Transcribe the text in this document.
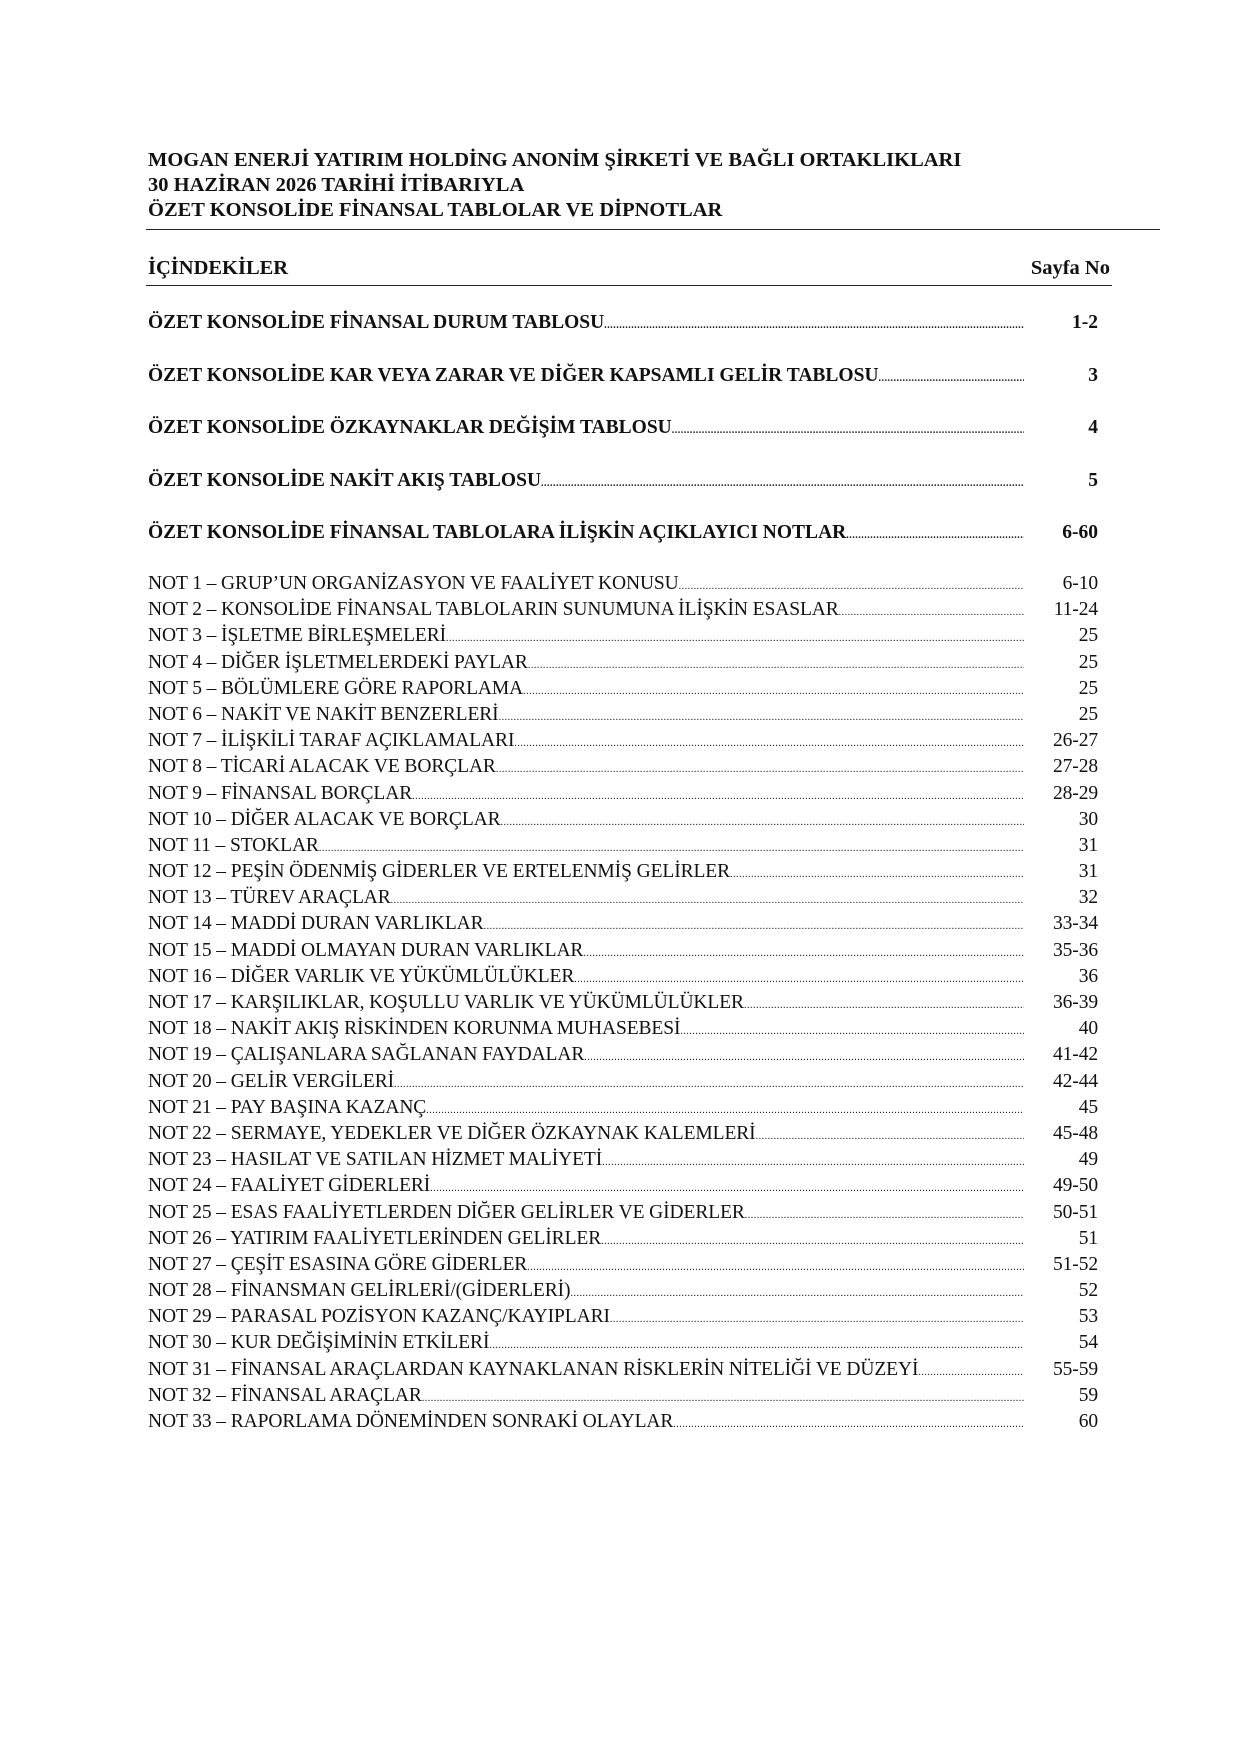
MOGAN ENERJİ YATIRIM HOLDİNG ANONİM ŞİRKETİ VE BAĞLI ORTAKLIKLARI
30 HAZİRAN 2026 TARİHİ İTİBARIYLA
ÖZET KONSOLİDE FİNANSAL TABLOLAR VE DİPNOTLAR
İÇİNDEKİLER	Sayfa No
ÖZET KONSOLİDE FİNANSAL DURUM TABLOSU .....	1-2
ÖZET KONSOLİDE KAR VEYA ZARAR VE DİĞER KAPSAMLI GELİR TABLOSU .....	3
ÖZET KONSOLİDE ÖZKAYNAKLAR DEĞİŞİM TABLOSU .....	4
ÖZET KONSOLİDE NAKİT AKIŞ TABLOSU .....	5
ÖZET KONSOLİDE FİNANSAL TABLOLARA İLİŞKİN AÇIKLAYICI NOTLAR .....	6-60
NOT 1 – GRUP’UN ORGANİZASYON VE FAALİYET KONUSU .....	6-10
NOT 2 – KONSOLİDE FİNANSAL TABLOLARIN SUNUMUNA İLİŞKİN ESASLAR .....	11-24
NOT 3 – İŞLETME BİRLEŞMELERİ .....	25
NOT 4 – DİĞER İŞLETMELERDEKİ PAYLAR .....	25
NOT 5 – BÖLÜMLERE GÖRE RAPORLAMA .....	25
NOT 6 – NAKİT VE NAKİT BENZERLERİ .....	25
NOT 7 – İLİŞKİLİ TARAF AÇIKLAMALARI .....	26-27
NOT 8 – TİCARİ ALACAK VE BORÇLAR .....	27-28
NOT 9 – FİNANSAL BORÇLAR .....	28-29
NOT 10 – DİĞER ALACAK VE BORÇLAR .....	30
NOT 11 – STOKLAR .....	31
NOT 12 – PEŞİN ÖDENMİŞ GİDERLER VE ERTELENMİŞ GELİRLER .....	31
NOT 13 – TÜREV ARAÇLAR .....	32
NOT 14 – MADDİ DURAN VARLIKLAR .....	33-34
NOT 15 – MADDİ OLMAYAN DURAN VARLIKLAR .....	35-36
NOT 16 – DİĞER VARLIK VE YÜKÜMLÜLÜKLER .....	36
NOT 17 – KARŞILIKLAR, KOŞULLU VARLIK VE YÜKÜMLÜLÜKLER .....	36-39
NOT 18 – NAKİT AKIŞ RİSKİNDEN KORUNMA MUHASEBESİ .....	40
NOT 19 – ÇALIŞANLARA SAĞLANAN FAYDALAR .....	41-42
NOT 20 – GELİR VERGİLERİ .....	42-44
NOT 21 – PAY BAŞINA KAZANÇ .....	45
NOT 22 – SERMAYE, YEDEKLER VE DİĞER ÖZKAYNAK KALEMLERİ .....	45-48
NOT 23 – HASILAT VE SATILAN HİZMET MALİYETİ .....	49
NOT 24 – FAALİYET GİDERLERİ .....	49-50
NOT 25 – ESAS FAALİYETLERDEN DİĞER GELİRLER VE GİDERLER .....	50-51
NOT 26 – YATIRIM FAALİYETLERİNDEN GELİRLER .....	51
NOT 27 – ÇEŞİT ESASINA GÖRE GİDERLER .....	51-52
NOT 28 – FİNANSMAN GELİRLERİ/(GİDERLERİ) .....	52
NOT 29 – PARASAL POZİSYON KAZANÇ/KAYIPLARI .....	53
NOT 30 – KUR DEĞİŞİMİNİN ETKİLERİ .....	54
NOT 31 – FİNANSAL ARAÇLARDAN KAYNAKLANAN RİSKLERİN NİTELİĞİ VE DÜZEYİ .....	55-59
NOT 32 – FİNANSAL ARAÇLAR .....	59
NOT 33 – RAPORLAMA DÖNEMİNDEN SONRAKİ OLAYLAR .....	60
